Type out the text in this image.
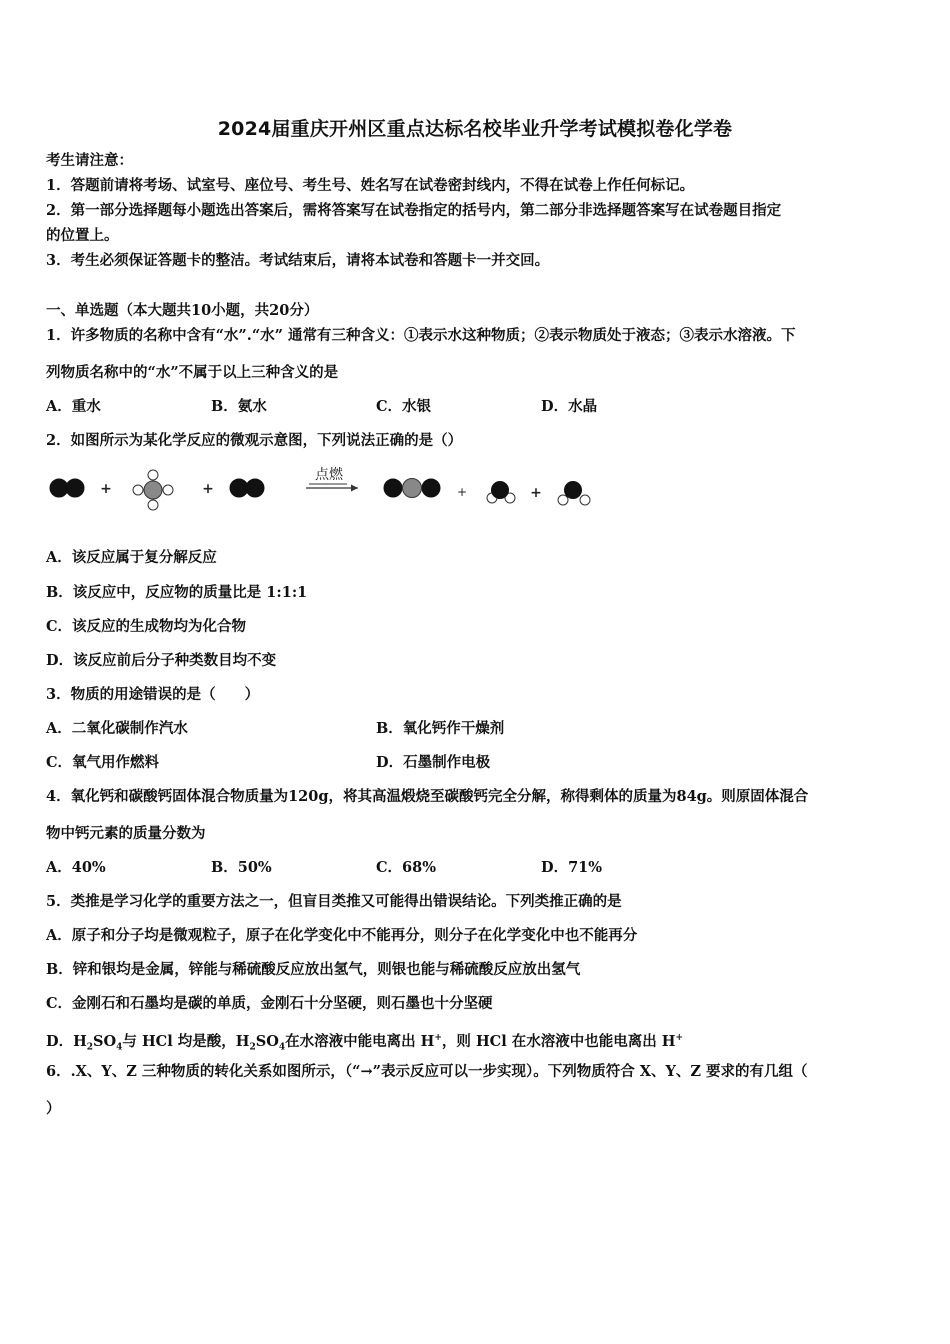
2024届重庆开州区重点达标名校毕业升学考试模拟卷化学卷
考生请注意：
1．答题前请将考场、试室号、座位号、考生号、姓名写在试卷密封线内，不得在试卷上作任何标记。
2．第一部分选择题每小题选出答案后，需将答案写在试卷指定的括号内，第二部分非选择题答案写在试卷题目指定
的位置上。
3．考生必须保证答题卡的整洁。考试结束后，请将本试卷和答题卡一并交回。
一、单选题（本大题共10小题，共20分）
1．许多物质的名称中含有“水”.“水” 通常有三种含义：①表示水这种物质；②表示物质处于液态；③表示水溶液。下
列物质名称中的“水”不属于以上三种含义的是
A．重水	B．氨水	C．水银	D．水晶
2．如图所示为某化学反应的微观示意图，下列说法正确的是（）
+	+
点燃
+	+
A．该反应属于复分解反应
B．该反应中，反应物的质量比是 1:1:1
C．该反应的生成物均为化合物
D．该反应前后分子种类数目均不变
3．物质的用途错误的是（　　）
A．二氧化碳制作汽水	B．氧化钙作干燥剂
C．氧气用作燃料	D．石墨制作电极
4．氧化钙和碳酸钙固体混合物质量为120g，将其高温煅烧至碳酸钙完全分解，称得剩体的质量为84g。则原固体混合
物中钙元素的质量分数为
A．40%	B．50%	C．68%	D．71%
5．类推是学习化学的重要方法之一，但盲目类推又可能得出错误结论。下列类推正确的是
A．原子和分子均是微观粒子，原子在化学变化中不能再分，则分子在化学变化中也不能再分
B．锌和银均是金属，锌能与稀硫酸反应放出氢气，则银也能与稀硫酸反应放出氢气
C．金刚石和石墨均是碳的单质，金刚石十分坚硬，则石墨也十分坚硬
D．$H_2SO_4$与 HCl 均是酸，$H_2SO_4$在水溶液中能电离出 H+，则 HCl 在水溶液中也能电离出 H+
6．.X、Y、Z 三种物质的转化关系如图所示，（“→”表示反应可以一步实现）。下列物质符合 X、Y、Z 要求的有几组（
）
